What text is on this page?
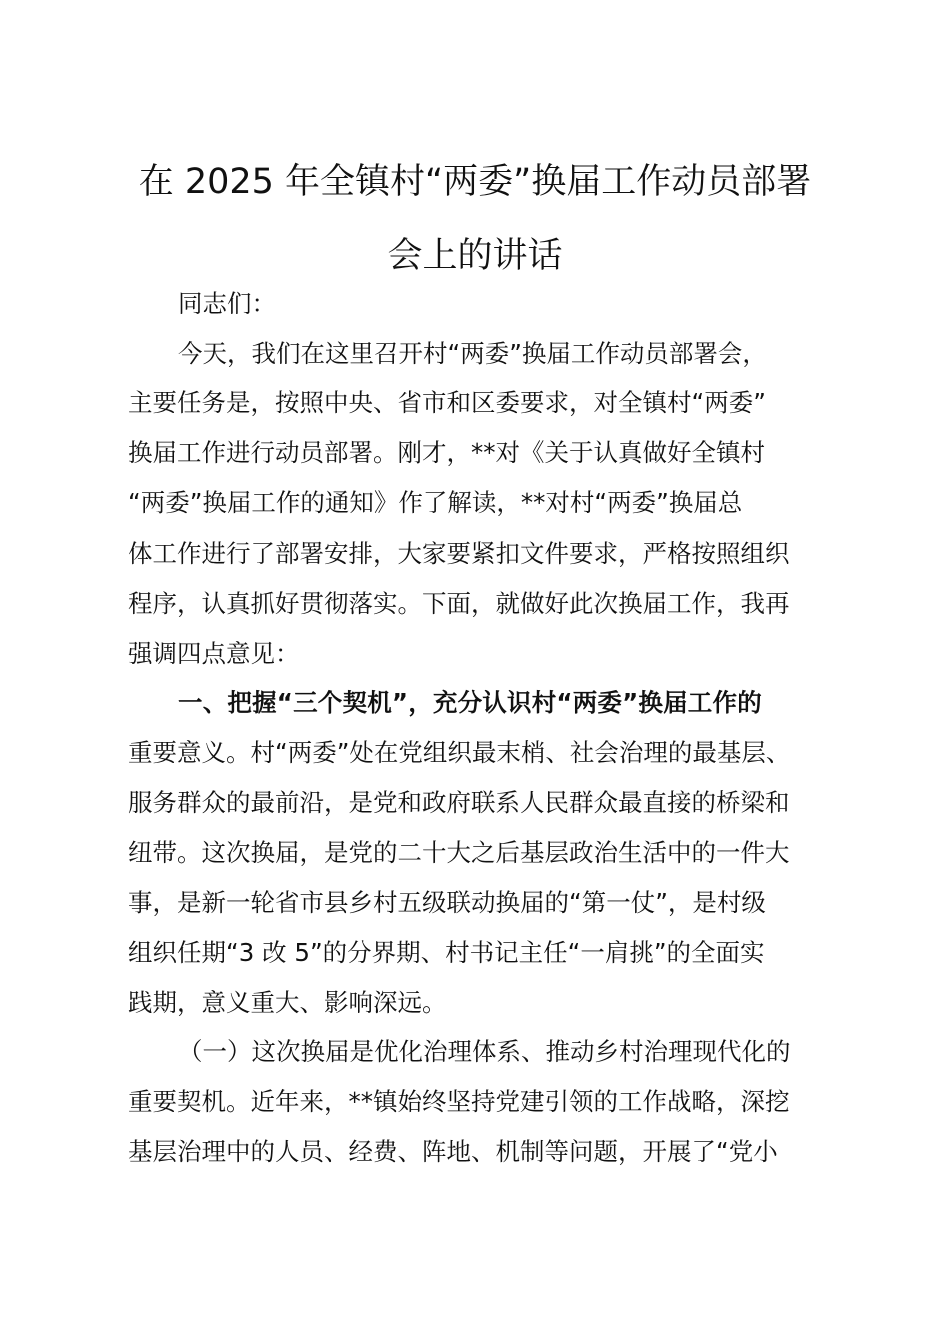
在 2025 年全镇村“两委”换届工作动员部署
会上的讲话
同志们：
今天，我们在这里召开村“两委”换届工作动员部署会，
主要任务是，按照中央、省市和区委要求，对全镇村“两委”
换届工作进行动员部署。刚才，**对《关于认真做好全镇村
“两委”换届工作的通知》作了解读，**对村“两委”换届总
体工作进行了部署安排，大家要紧扣文件要求，严格按照组织
程序，认真抓好贯彻落实。下面，就做好此次换届工作，我再
强调四点意见：
一、把握“三个契机”，充分认识村“两委”换届工作的
重要意义。村“两委”处在党组织最末梢、社会治理的最基层、
服务群众的最前沿，是党和政府联系人民群众最直接的桥梁和
纽带。这次换届，是党的二十大之后基层政治生活中的一件大
事，是新一轮省市县乡村五级联动换届的“第一仗”，是村级
组织任期“3 改 5”的分界期、村书记主任“一肩挑”的全面实
践期，意义重大、影响深远。
（一）这次换届是优化治理体系、推动乡村治理现代化的
重要契机。近年来，**镇始终坚持党建引领的工作战略，深挖
基层治理中的人员、经费、阵地、机制等问题，开展了“党小
